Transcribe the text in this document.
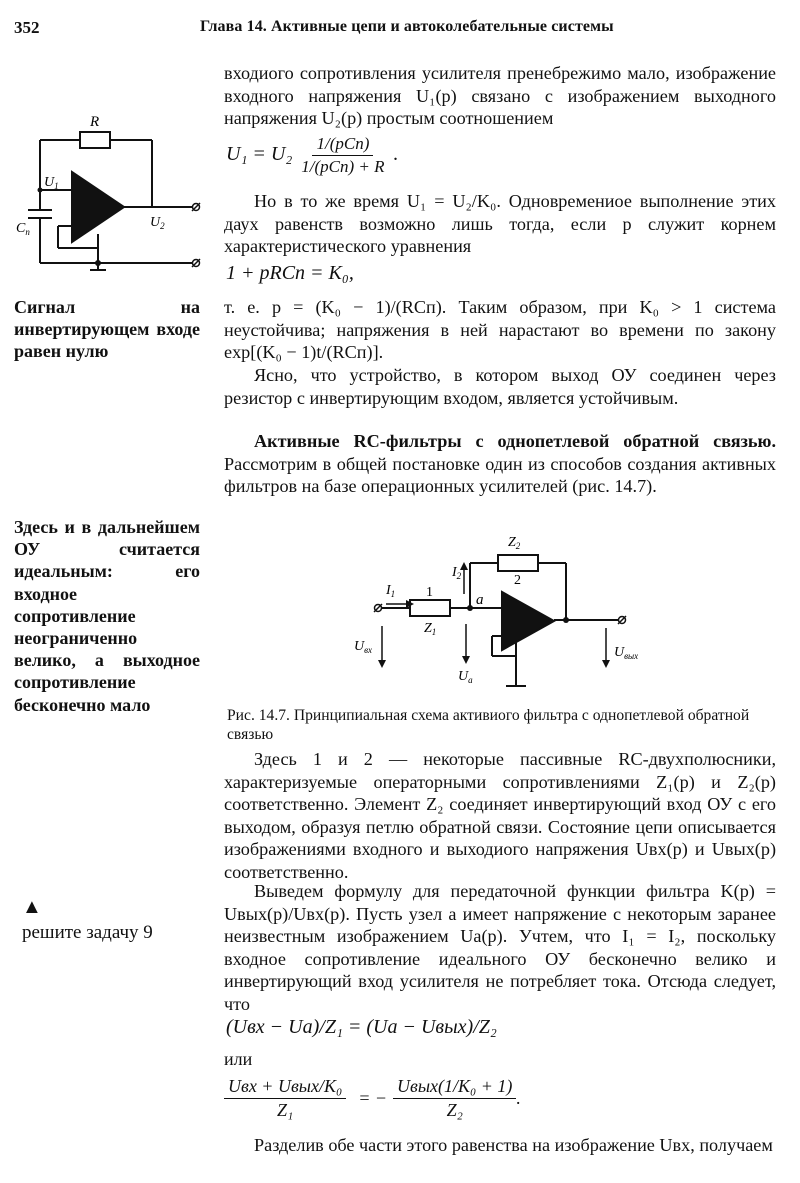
352	Глава 14. Активные цепи и автоколебательные системы
R
$U_1$
$U_2$
$C_п$

входиого сопротивления усилителя пренебрежимо мало, изображение входного напряжения U₁(p) связано с изображением выходного напряжения U₂(p) простым соотношением

$U_1 = U_2 \frac{\text{1/(pCп)}}{\text{1/(pCп) + R}}$ .

Но в то же время U₁ = U₂/K₀. Одновремениое выполнение этих даух равенств возможно лишь тогда, если p служит корнем характеристического уравнения

1 + pRCп = K₀,

т. е. p = (K₀ − 1)/(RCп). Таким образом, при K₀ > 1 система неустойчива; напряжения в ней нарастают во времени по закону exp[(K₀ − 1)t/(RCп)].

Ясно, что устройство, в котором выход ОУ соединен через резистор с инвертирующим входом, является устойчивым.

Активные RC-фильтры с однопетлевой обратной связью. Рассмотрим в общей постановке один из способов создания активных фильтров на базе операционных усилителей (рис. 14.7).

$I_1$
$I_2$
1
$Z_1$
$Z_2$
2
a
$U_{вх}$
$U_a$
$U_{вых}$

Рис. 14.7. Принципиальная схема активиого фильтра с однопетлевой обратной связью

Здесь 1 и 2 — некоторые пассивные RC-двухполюсники, характеризуемые операторными сопротивлениями Z₁(p) и Z₂(p) соответственно. Элемент Z₂ соединяет инвертирующий вход ОУ с его выходом, образуя петлю обратной связи. Состояние цепи описывается изображениями входного и выходиого напряжения Uвх(p) и Uвых(p) соответственно.

Выведем формулу для передаточной функции фильтра K(p) = Uвых(p)/Uвх(p). Пусть узел a имеет напряжение с некоторым заранее неизвестным изображением Ua(p). Учтем, что I₁ = I₂, поскольку входное сопротивление идеального ОУ бесконечно велико и инвертирующий вход усилителя не потребляет тока. Отсюда следует, что

(Uвх − Ua)/Z₁ = (Ua − Uвых)/Z₂
или
$\frac{\text{Uвх + Uвых/K₀}}{\text{Z₁}}$ = − $\frac{\text{Uвых(1/K₀ + 1)}}{\text{Z₂}}$ .

Разделив обе части этого равенства на изображение Uвх, получаем

Сигнал на инвертирующем входе равен нулю

Здесь и в дальнейшем ОУ считается идеальным: его входное сопротивление неограниченно велико, а выходное сопротивление бесконечно мало

▲
решите задачу 9
